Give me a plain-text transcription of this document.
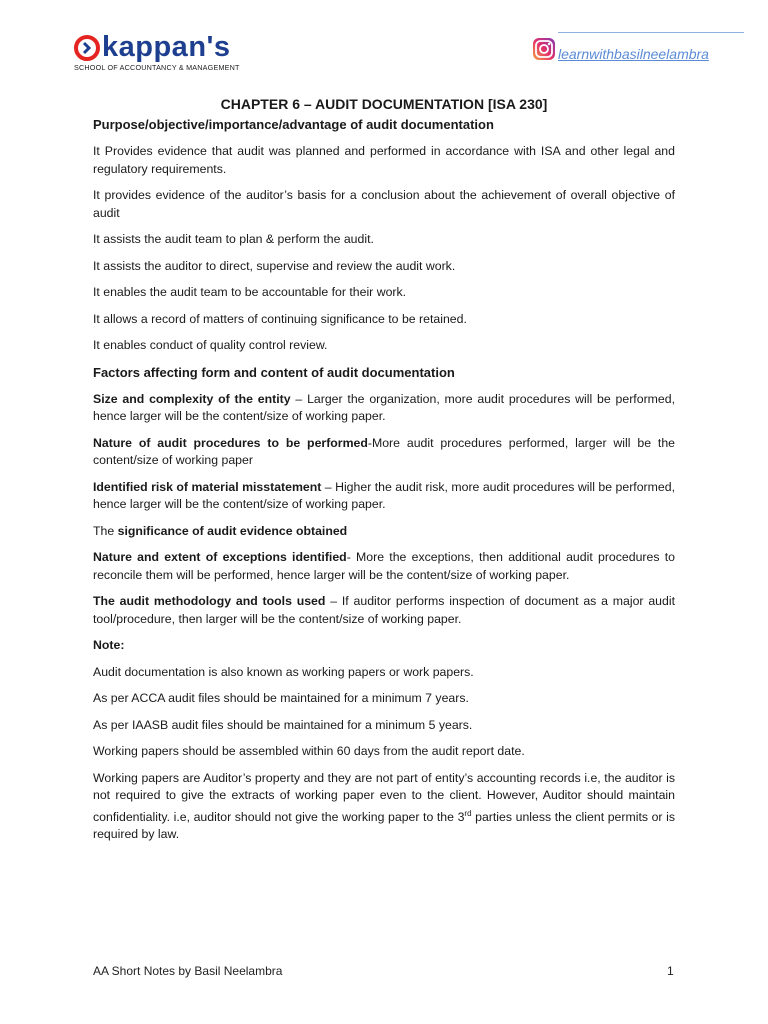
kappan's
SCHOOL OF ACCOUNTANCY & MANAGEMENT
learnwithbasilneelambra
CHAPTER 6 – AUDIT DOCUMENTATION [ISA 230]

Purpose/objective/importance/advantage of audit documentation

It Provides evidence that audit was planned and performed in accordance with ISA and other legal and regulatory requirements.

It provides evidence of the auditor’s basis for a conclusion about the achievement of overall objective of audit

It assists the audit team to plan & perform the audit.

It assists the auditor to direct, supervise and review the audit work.

It enables the audit team to be accountable for their work.

It allows a record of matters of continuing significance to be retained.

It enables conduct of quality control review.

Factors affecting form and content of audit documentation

Size and complexity of the entity – Larger the organization, more audit procedures will be performed, hence larger will be the content/size of working paper.

Nature of audit procedures to be performed-More audit procedures performed, larger will be the content/size of working paper

Identified risk of material misstatement – Higher the audit risk, more audit procedures will be performed, hence larger will be the content/size of working paper.

The significance of audit evidence obtained

Nature and extent of exceptions identified- More the exceptions, then additional audit procedures to reconcile them will be performed, hence larger will be the content/size of working paper.

The audit methodology and tools used – If auditor performs inspection of document as a major audit tool/procedure, then larger will be the content/size of working paper.

Note:

Audit documentation is also known as working papers or work papers.

As per ACCA audit files should be maintained for a minimum 7 years.

As per IAASB audit files should be maintained for a minimum 5 years.

Working papers should be assembled within 60 days from the audit report date.

Working papers are Auditor’s property and they are not part of entity’s accounting records i.e, the auditor is not required to give the extracts of working paper even to the client. However, Auditor should maintain confidentiality. i.e, auditor should not give the working paper to the 3rd parties unless the client permits or is required by law.

AA Short Notes by Basil Neelambra	1
